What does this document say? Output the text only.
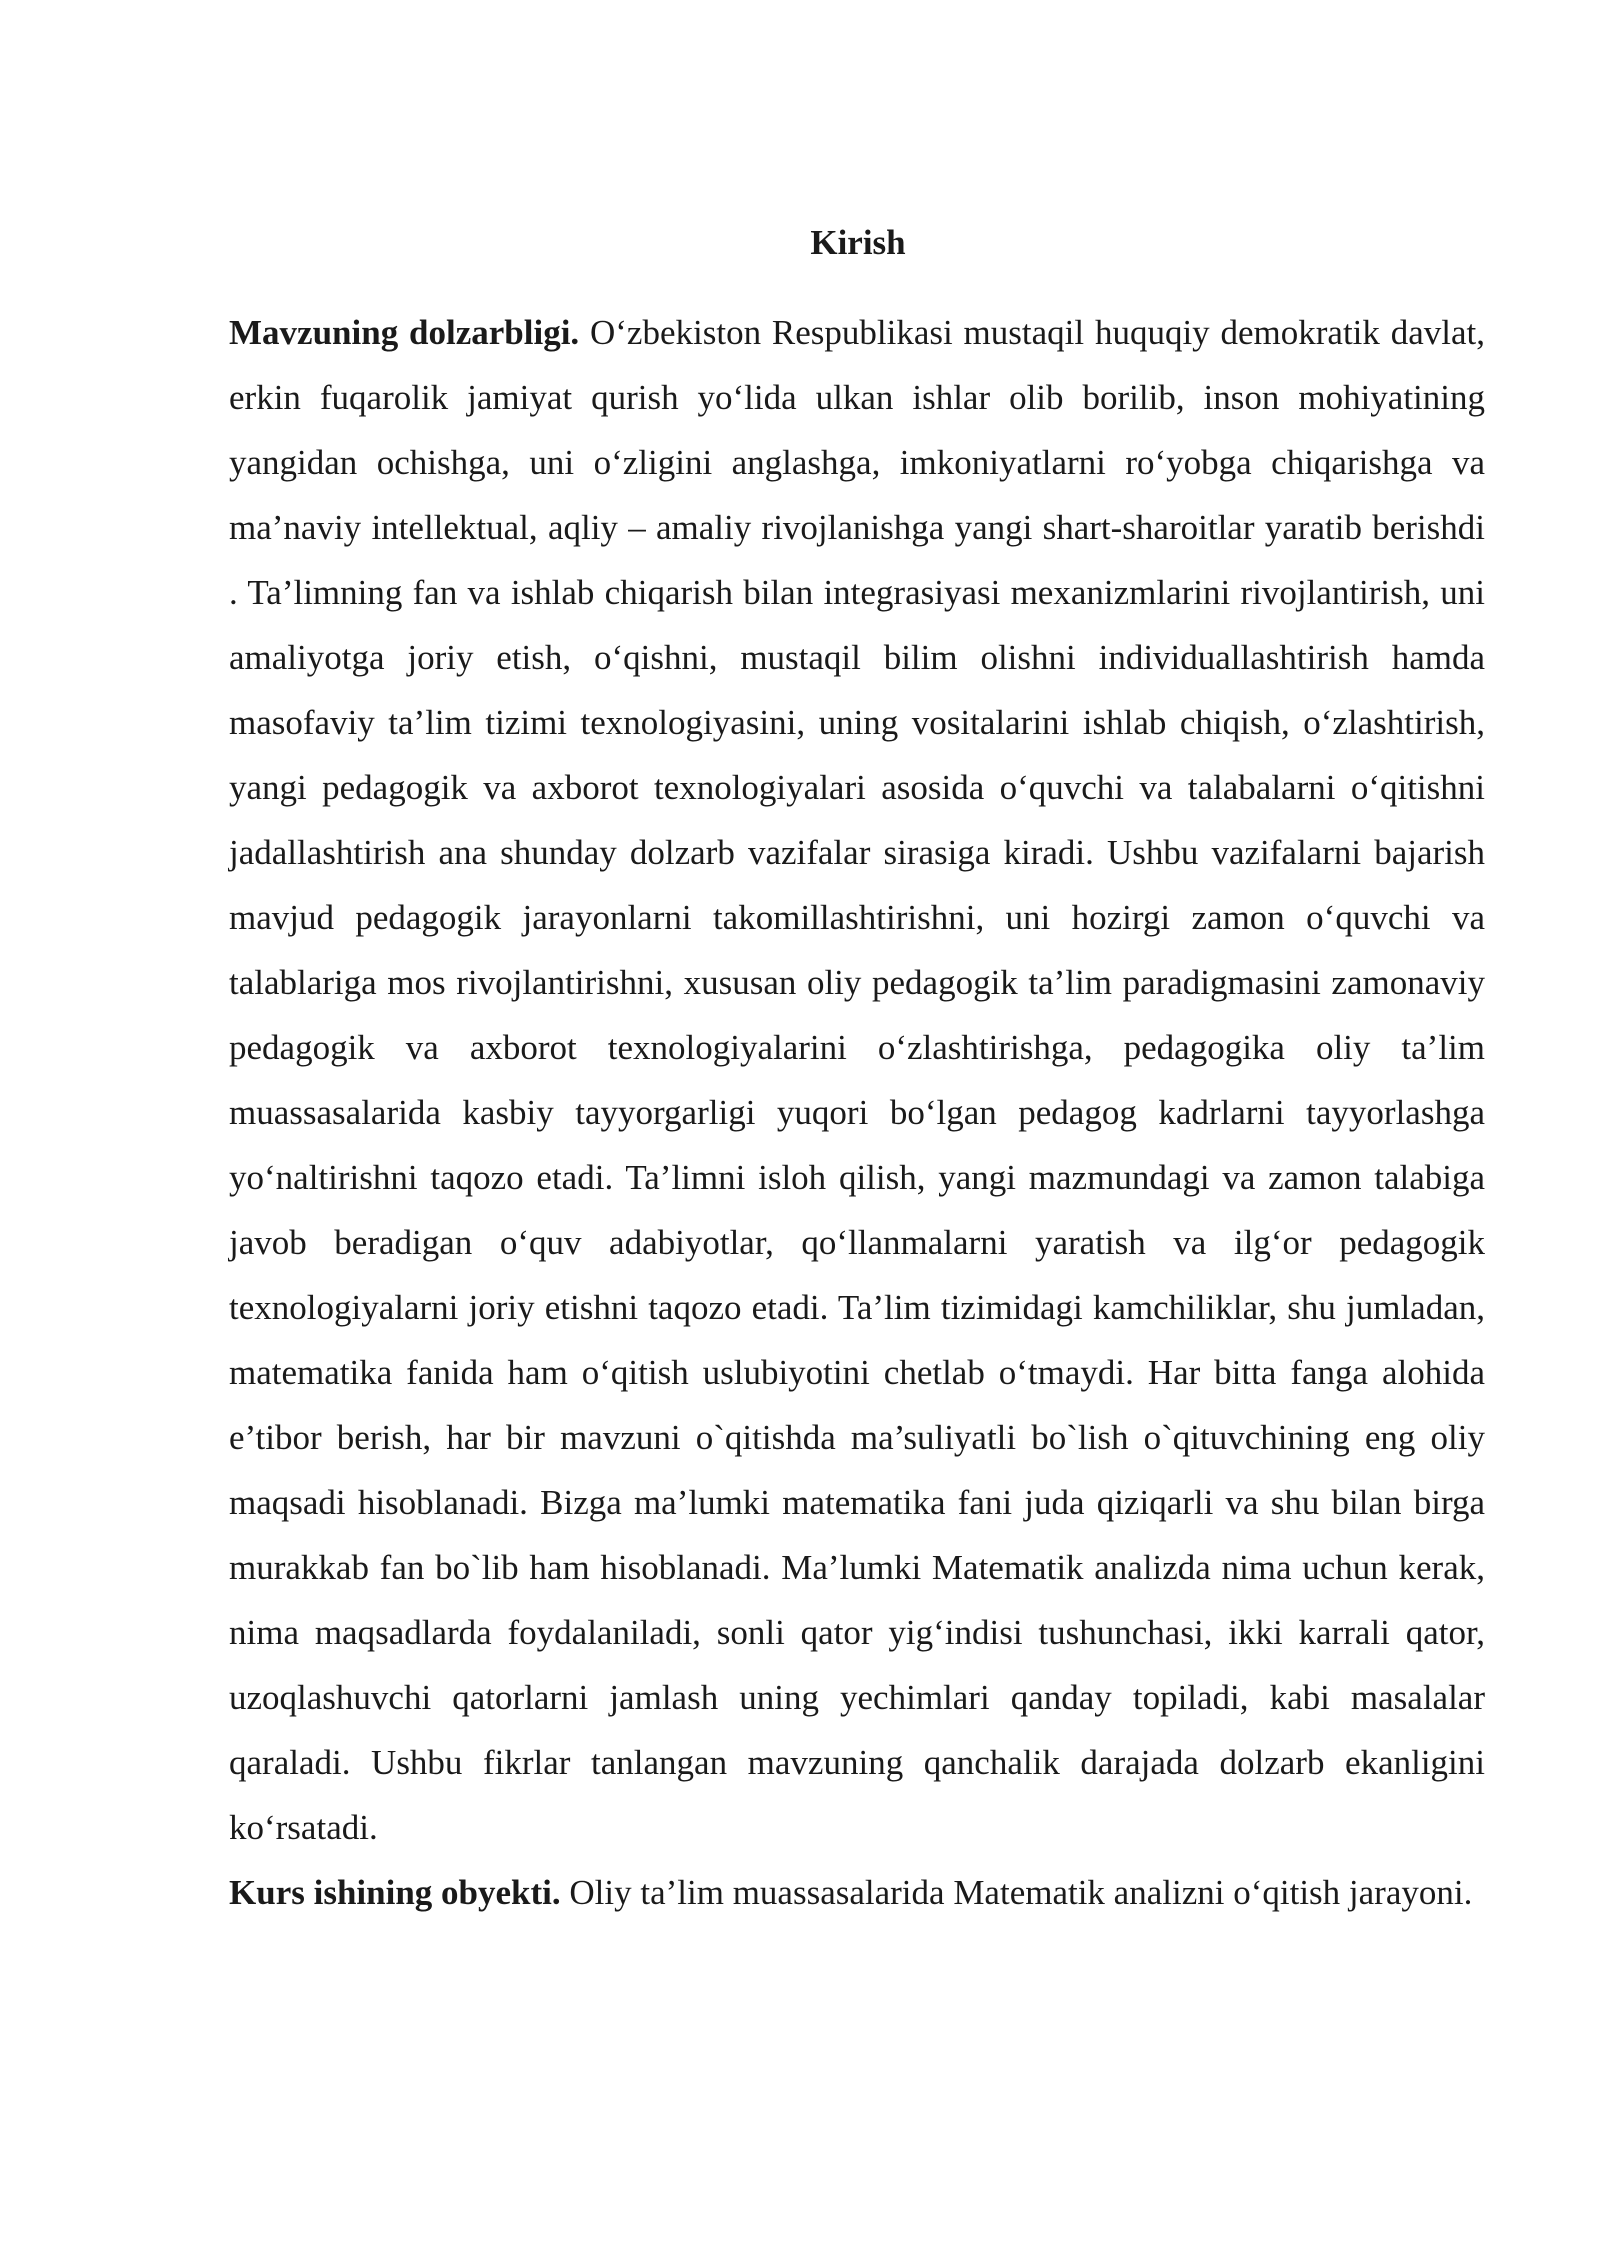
Kirish

Mavzuning dolzarbligi. O‘zbekiston Respublikasi mustaqil huquqiy demokratik davlat, erkin fuqarolik jamiyat qurish yo‘lida ulkan ishlar olib borilib, inson mohiyatining yangidan ochishga, uni o‘zligini anglashga, imkoniyatlarni ro‘yobga chiqarishga va ma’naviy intellektual, aqliy – amaliy rivojlanishga yangi shart-sharoitlar yaratib berishdi . Ta’limning fan va ishlab chiqarish bilan integrasiyasi mexanizmlarini rivojlantirish, uni amaliyotga joriy etish, o‘qishni, mustaqil bilim olishni individuallashtirish hamda masofaviy ta’lim tizimi texnologiyasini, uning vositalarini ishlab chiqish, o‘zlashtirish, yangi pedagogik va axborot texnologiyalari asosida o‘quvchi va talabalarni o‘qitishni jadallashtirish ana shunday dolzarb vazifalar sirasiga kiradi. Ushbu vazifalarni bajarish mavjud pedagogik jarayonlarni takomillashtirishni, uni hozirgi zamon o‘quvchi va talablariga mos rivojlantirishni, xususan oliy pedagogik ta’lim paradigmasini zamonaviy pedagogik va axborot texnologiyalarini o‘zlashtirishga, pedagogika oliy ta’lim muassasalarida kasbiy tayyorgarligi yuqori bo‘lgan pedagog kadrlarni tayyorlashga yo‘naltirishni taqozo etadi. Ta’limni isloh qilish, yangi mazmundagi va zamon talabiga javob beradigan o‘quv adabiyotlar, qo‘llanmalarni yaratish va ilg‘or pedagogik texnologiyalarni joriy etishni taqozo etadi. Ta’lim tizimidagi kamchiliklar, shu jumladan, matematika fanida ham o‘qitish uslubiyotini chetlab o‘tmaydi. Har bitta fanga alohida e’tibor berish, har bir mavzuni o`qitishda ma’suliyatli bo`lish o`qituvchining eng oliy maqsadi hisoblanadi. Bizga ma’lumki matematika fani juda qiziqarli va shu bilan birga murakkab fan bo`lib ham hisoblanadi. Ma’lumki Matematik analizda nima uchun kerak, nima maqsadlarda foydalaniladi, sonli qator yig‘indisi tushunchasi, ikki karrali qator, uzoqlashuvchi qatorlarni jamlash uning yechimlari qanday topiladi, kabi masalalar qaraladi. Ushbu fikrlar tanlangan mavzuning qanchalik darajada dolzarb ekanligini ko‘rsatadi.

Kurs ishining obyekti. Oliy ta’lim muassasalarida Matematik analizni o‘qitish jarayoni.
